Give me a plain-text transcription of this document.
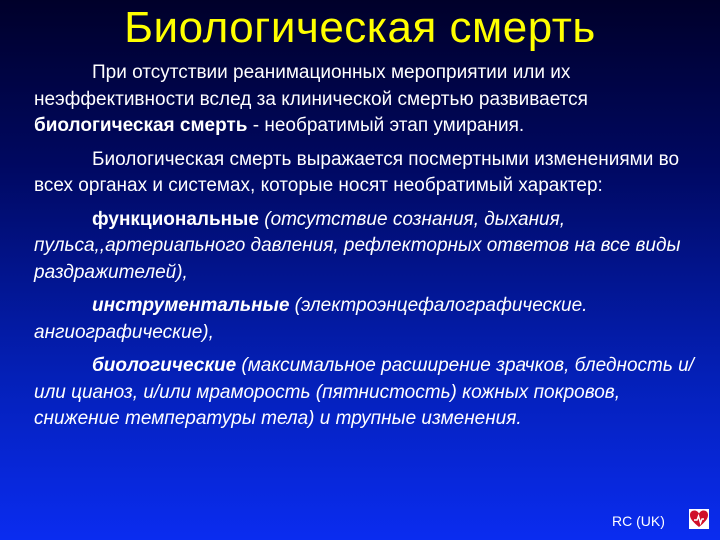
Биологическая смерть

При отсутствии реанимационных мероприятии или их неэффективности вслед за клинической смертью развивается биологическая смерть - необратимый этап умирания.

Биологическая смерть выражается посмертными изменениями во всех органах и системах, которые носят необратимый характер:

функциональные (отсутствие сознания, дыхания, пульса,,артериапьного давления, рефлекторных ответов на все виды раздражителей),

инструментальные (электроэнцефалографические. ангиографические),

биологические (максимальное расширение зрачков, бледность и/или цианоз, и/или мраморость (пятнистость) кожных покровов, снижение температуры тела) и трупные изменения.

RC (UK)
